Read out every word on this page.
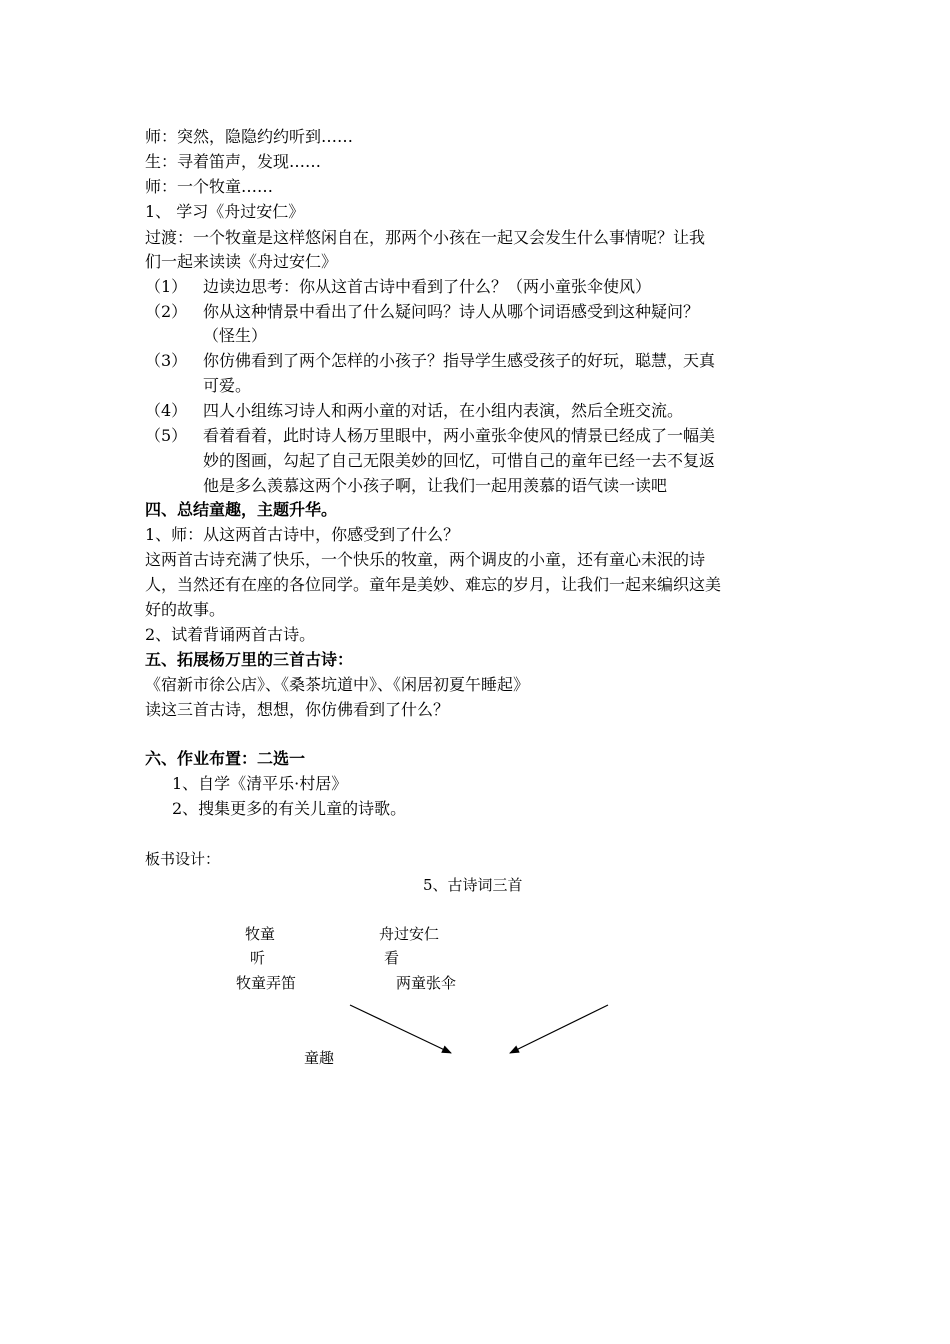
师：突然，隐隐约约听到……
生：寻着笛声，发现……
师：一个牧童……
1、 学习《舟过安仁》
过渡：一个牧童是这样悠闲自在，那两个小孩在一起又会发生什么事情呢？让我
们一起来读读《舟过安仁》
（1） 边读边思考：你从这首古诗中看到了什么？（两小童张伞使风）
（2） 你从这种情景中看出了什么疑问吗？诗人从哪个词语感受到这种疑问？
（怪生）
（3） 你仿佛看到了两个怎样的小孩子？指导学生感受孩子的好玩，聪慧，天真
可爱。
（4） 四人小组练习诗人和两小童的对话，在小组内表演，然后全班交流。
（5） 看着看着，此时诗人杨万里眼中，两小童张伞使风的情景已经成了一幅美
妙的图画，勾起了自己无限美妙的回忆，可惜自己的童年已经一去不复返
他是多么羡慕这两个小孩子啊，让我们一起用羡慕的语气读一读吧
四、总结童趣，主题升华。
1、师：从这两首古诗中，你感受到了什么？
这两首古诗充满了快乐，一个快乐的牧童，两个调皮的小童，还有童心未泯的诗
人，当然还有在座的各位同学。童年是美妙、难忘的岁月，让我们一起来编织这美
好的故事。
2、试着背诵两首古诗。
五、拓展杨万里的三首古诗：
《宿新市徐公店》、《桑茶坑道中》、《闲居初夏午睡起》
读这三首古诗，想想，你仿佛看到了什么？
六、作业布置：二选一
1、自学《清平乐·村居》
2、搜集更多的有关儿童的诗歌。
板书设计：
5、古诗词三首
牧童
听
牧童弄笛
舟过安仁
看
两童张伞
童趣
